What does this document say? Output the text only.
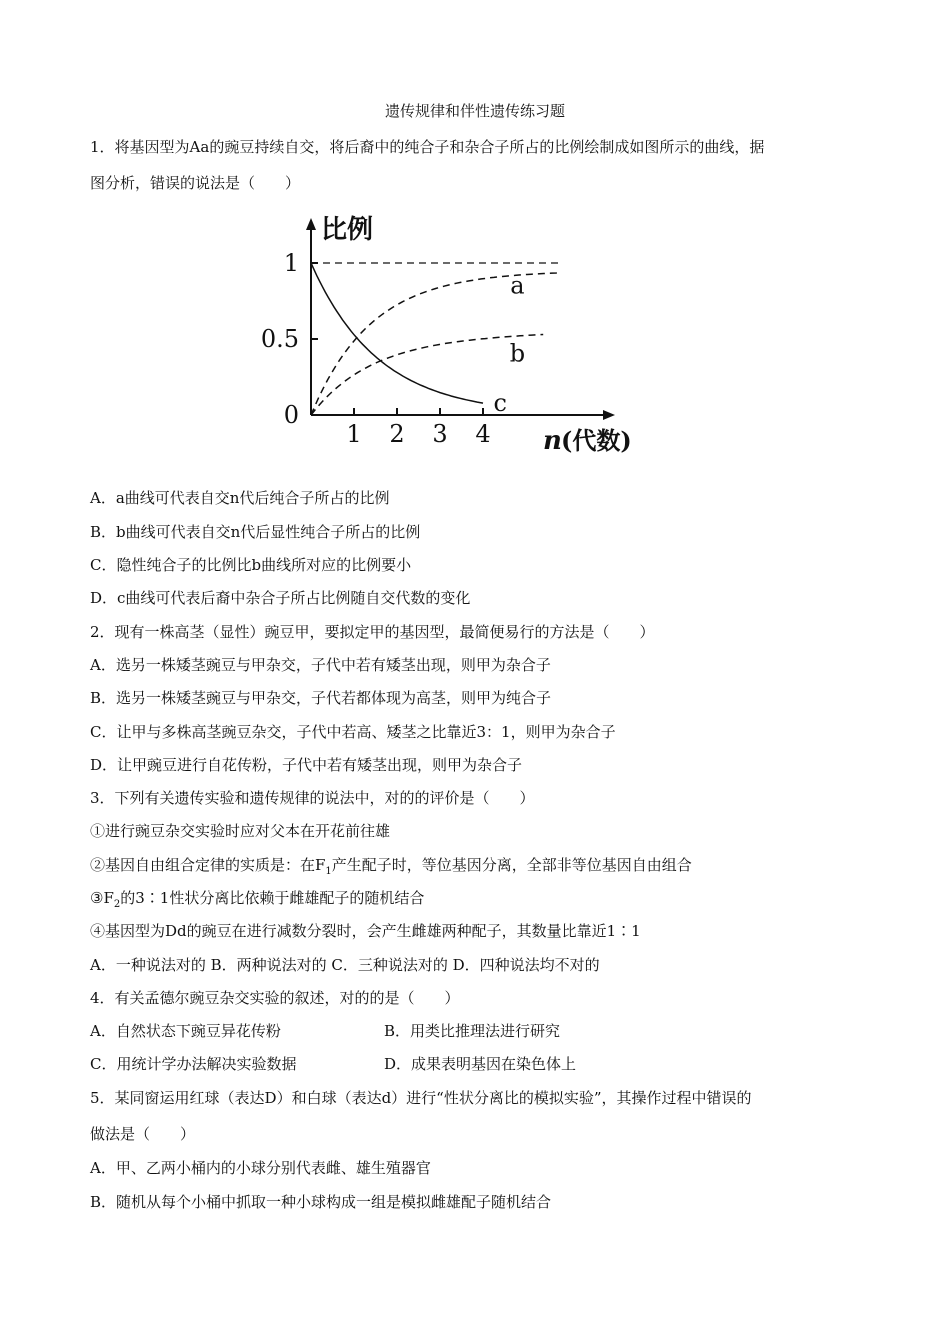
遗传规律和伴性遗传练习题
1．将基因型为Aa的豌豆持续自交，将后裔中的纯合子和杂合子所占的比例绘制成如图所示的曲线，据
图分析，错误的说法是（　　）
比例
1 2 3 4
0
0.5
1
n (代数)
a
b
c
A．a曲线可代表自交n代后纯合子所占的比例
B．b曲线可代表自交n代后显性纯合子所占的比例
C．隐性纯合子的比例比b曲线所对应的比例要小
D．c曲线可代表后裔中杂合子所占比例随自交代数的变化
2．现有一株高茎（显性）豌豆甲，要拟定甲的基因型，最简便易行的方法是（　　）
A．选另一株矮茎豌豆与甲杂交，子代中若有矮茎出现，则甲为杂合子
B．选另一株矮茎豌豆与甲杂交，子代若都体现为高茎，则甲为纯合子
C．让甲与多株高茎豌豆杂交，子代中若高、矮茎之比靠近3：1，则甲为杂合子
D．让甲豌豆进行自花传粉，子代中若有矮茎出现，则甲为杂合子
3．下列有关遗传实验和遗传规律的说法中，对的的评价是（　　）
①进行豌豆杂交实验时应对父本在开花前往雄
②基因自由组合定律的实质是：在$F_1$产生配子时，等位基因分离，全部非等位基因自由组合
$③F_2$的3∶1性状分离比依赖于雌雄配子的随机结合
④基因型为Dd的豌豆在进行减数分裂时，会产生雌雄两种配子，其数量比靠近1∶1
A．一种说法对的 B．两种说法对的 C．三种说法对的 D．四种说法均不对的
4．有关孟德尔豌豆杂交实验的叙述，对的的是（　　）
A．自然状态下豌豆异花传粉	B．用类比推理法进行研究
C．用统计学办法解决实验数据	D．成果表明基因在染色体上
5．某同窗运用红球（表达D）和白球（表达d）进行“性状分离比的模拟实验”，其操作过程中错误的
做法是（　　）
A．甲、乙两小桶内的小球分别代表雌、雄生殖器官
B．随机从每个小桶中抓取一种小球构成一组是模拟雌雄配子随机结合
